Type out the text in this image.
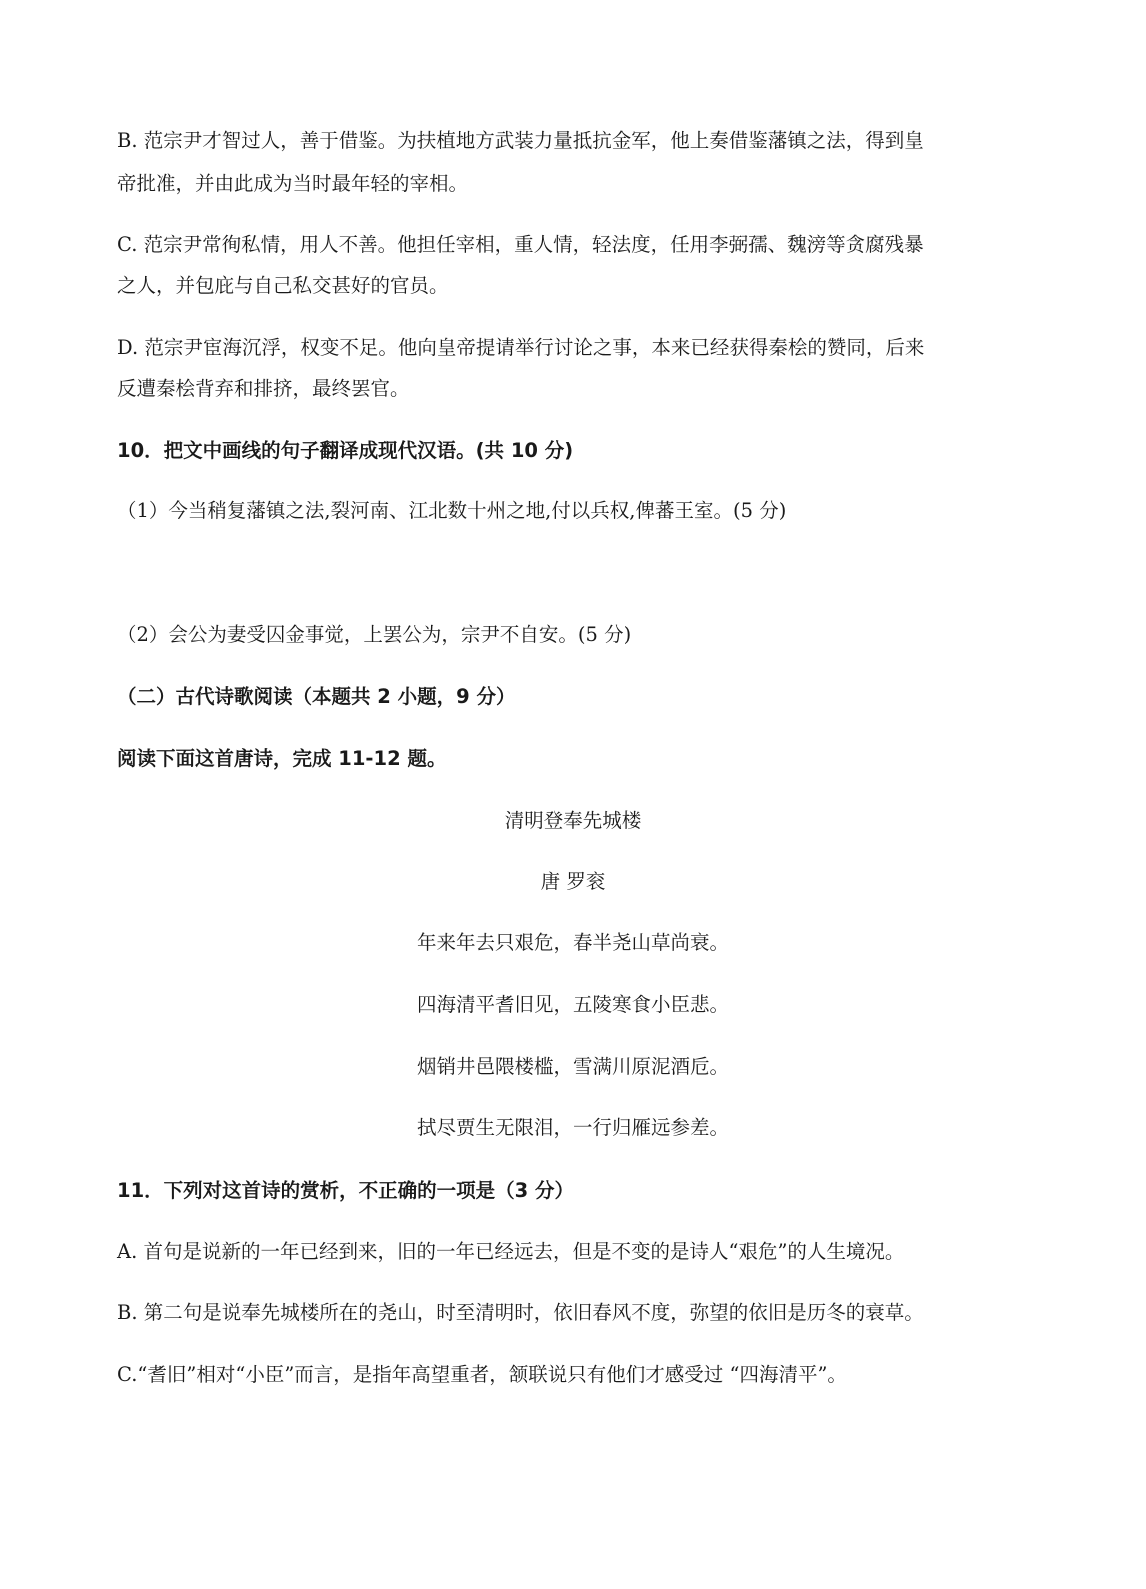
B. 范宗尹才智过人，善于借鉴。为扶植地方武装力量抵抗金军，他上奏借鉴藩镇之法，得到皇
帝批准，并由此成为当时最年轻的宰相。
C. 范宗尹常徇私情，用人不善。他担任宰相，重人情，轻法度，任用李弼孺、魏滂等贪腐残暴
之人，并包庇与自己私交甚好的官员。
D. 范宗尹宦海沉浮，权变不足。他向皇帝提请举行讨论之事，本来已经获得秦桧的赞同，后来
反遭秦桧背弃和排挤，最终罢官。
10．把文中画线的句子翻译成现代汉语。(共 10 分)
（1）今当稍复藩镇之法,裂河南、江北数十州之地,付以兵权,俾蕃王室。(5 分)
（2）会公为妻受囚金事觉，上罢公为，宗尹不自安。(5 分)
（二）古代诗歌阅读（本题共 2 小题，9 分）
阅读下面这首唐诗，完成 11-12 题。
清明登奉先城楼
唐 罗衮
年来年去只艰危，春半尧山草尚衰。
四海清平耆旧见，五陵寒食小臣悲。
烟销井邑隈楼槛，雪满川原泥酒卮。
拭尽贾生无限泪，一行归雁远参差。
11．下列对这首诗的赏析，不正确的一项是（3 分）
A. 首句是说新的一年已经到来，旧的一年已经远去，但是不变的是诗人“艰危”的人生境况。
B. 第二句是说奉先城楼所在的尧山，时至清明时，依旧春风不度，弥望的依旧是历冬的衰草。
C.“耆旧”相对“小臣”而言，是指年高望重者，颔联说只有他们才感受过 “四海清平”。
